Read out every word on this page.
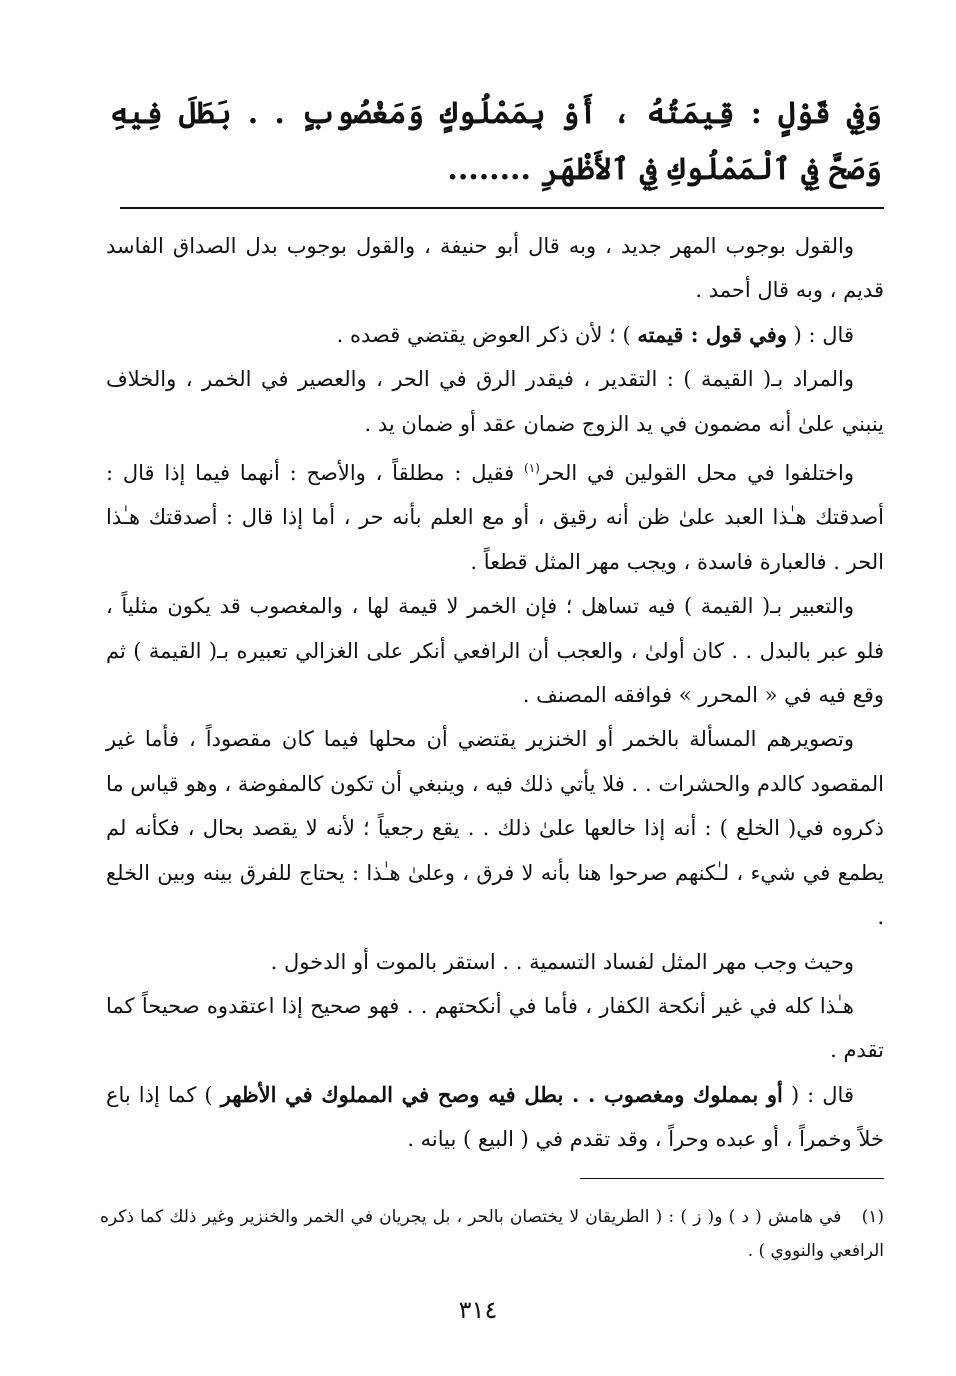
وَفِي قَوْلٍ : قِيمَتُهُ ، أَوْ بِمَمْلُوكٍ وَمَغْصُوبٍ . . بَطَلَ فِيهِ وَصَحَّ فِي ٱلْمَمْلُوكِ فِي ٱلأَظْهَرِ ........

والقول بوجوب المهر جديد ، وبه قال أبو حنيفة ، والقول بوجوب بدل الصداق الفاسد قديم ، وبه قال أحمد .

قال : ( وفي قول : قيمته ) ؛ لأن ذكر العوض يقتضي قصده .

والمراد بـ( القيمة ) : التقدير ، فيقدر الرق في الحر ، والعصير في الخمر ، والخلاف ينبني علىٰ أنه مضمون في يد الزوج ضمان عقد أو ضمان يد .

واختلفوا في محل القولين في الحر$^{(١)}$ فقيل : مطلقاً ، والأصح : أنهما فيما إذا قال : أصدقتك هـٰذا العبد علىٰ ظن أنه رقيق ، أو مع العلم بأنه حر ، أما إذا قال : أصدقتك هـٰذا الحر . فالعبارة فاسدة ، ويجب مهر المثل قطعاً .

والتعبير بـ( القيمة ) فيه تساهل ؛ فإن الخمر لا قيمة لها ، والمغصوب قد يكون مثلياً ، فلو عبر بالبدل . . كان أولىٰ ، والعجب أن الرافعي أنكر على الغزالي تعبيره بـ( القيمة ) ثم وقع فيه في « المحرر » فوافقه المصنف .

وتصويرهم المسألة بالخمر أو الخنزير يقتضي أن محلها فيما كان مقصوداً ، فأما غير المقصود كالدم والحشرات . . فلا يأتي ذلك فيه ، وينبغي أن تكون كالمفوضة ، وهو قياس ما ذكروه في( الخلع ) : أنه إذا خالعها علىٰ ذلك . . يقع رجعياً ؛ لأنه لا يقصد بحال ، فكأنه لم يطمع في شيء ، لـٰكنهم صرحوا هنا بأنه لا فرق ، وعلىٰ هـٰذا : يحتاج للفرق بينه وبين الخلع .

وحيث وجب مهر المثل لفساد التسمية . . استقر بالموت أو الدخول .

هـٰذا كله في غير أنكحة الكفار ، فأما في أنكحتهم . . فهو صحيح إذا اعتقدوه صحيحاً كما تقدم .

قال : ( أو بمملوك ومغصوب . . بطل فيه وصح في المملوك في الأظهر ) كما إذا باع خلاً وخمراً ، أو عبده وحراً ، وقد تقدم في ( البيع ) بيانه .

(١) في هامش ( د ) و( ز ) : ( الطريقان لا يختصان بالحر ، بل يجريان في الخمر والخنزير وغير ذلك كما ذكره الرافعي والنووي ) .
٣١٤
